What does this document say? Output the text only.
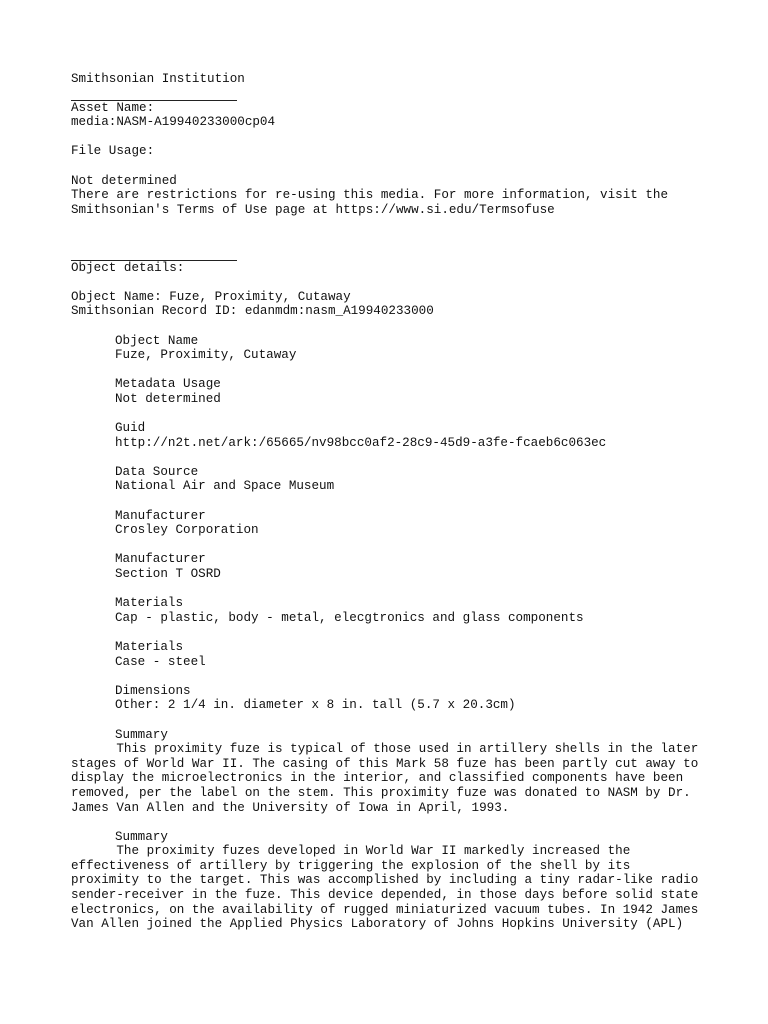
Smithsonian Institution
Asset Name:
media:NASM-A19940233000cp04
File Usage:
Not determined
There are restrictions for re-using this media. For more information, visit the
Smithsonian's Terms of Use page at https://www.si.edu/Termsofuse
Object details:
Object Name: Fuze, Proximity, Cutaway
Smithsonian Record ID: edanmdm:nasm_A19940233000
Object Name
Fuze, Proximity, Cutaway
Metadata Usage
Not determined
Guid
http://n2t.net/ark:/65665/nv98bcc0af2-28c9-45d9-a3fe-fcaeb6c063ec
Data Source
National Air and Space Museum
Manufacturer
Crosley Corporation
Manufacturer
Section T OSRD
Materials
Cap - plastic, body - metal, elecgtronics and glass components
Materials
Case - steel
Dimensions
Other: 2 1/4 in. diameter x 8 in. tall (5.7 x 20.3cm)
Summary
This proximity fuze is typical of those used in artillery shells in the later
stages of World War II. The casing of this Mark 58 fuze has been partly cut away to
display the microelectronics in the interior, and classified components have been
removed, per the label on the stem. This proximity fuze was donated to NASM by Dr.
James Van Allen and the University of Iowa in April, 1993.
Summary
The proximity fuzes developed in World War II markedly increased the
effectiveness of artillery by triggering the explosion of the shell by its
proximity to the target. This was accomplished by including a tiny radar-like radio
sender-receiver in the fuze. This device depended, in those days before solid state
electronics, on the availability of rugged miniaturized vacuum tubes. In 1942 James
Van Allen joined the Applied Physics Laboratory of Johns Hopkins University (APL)
